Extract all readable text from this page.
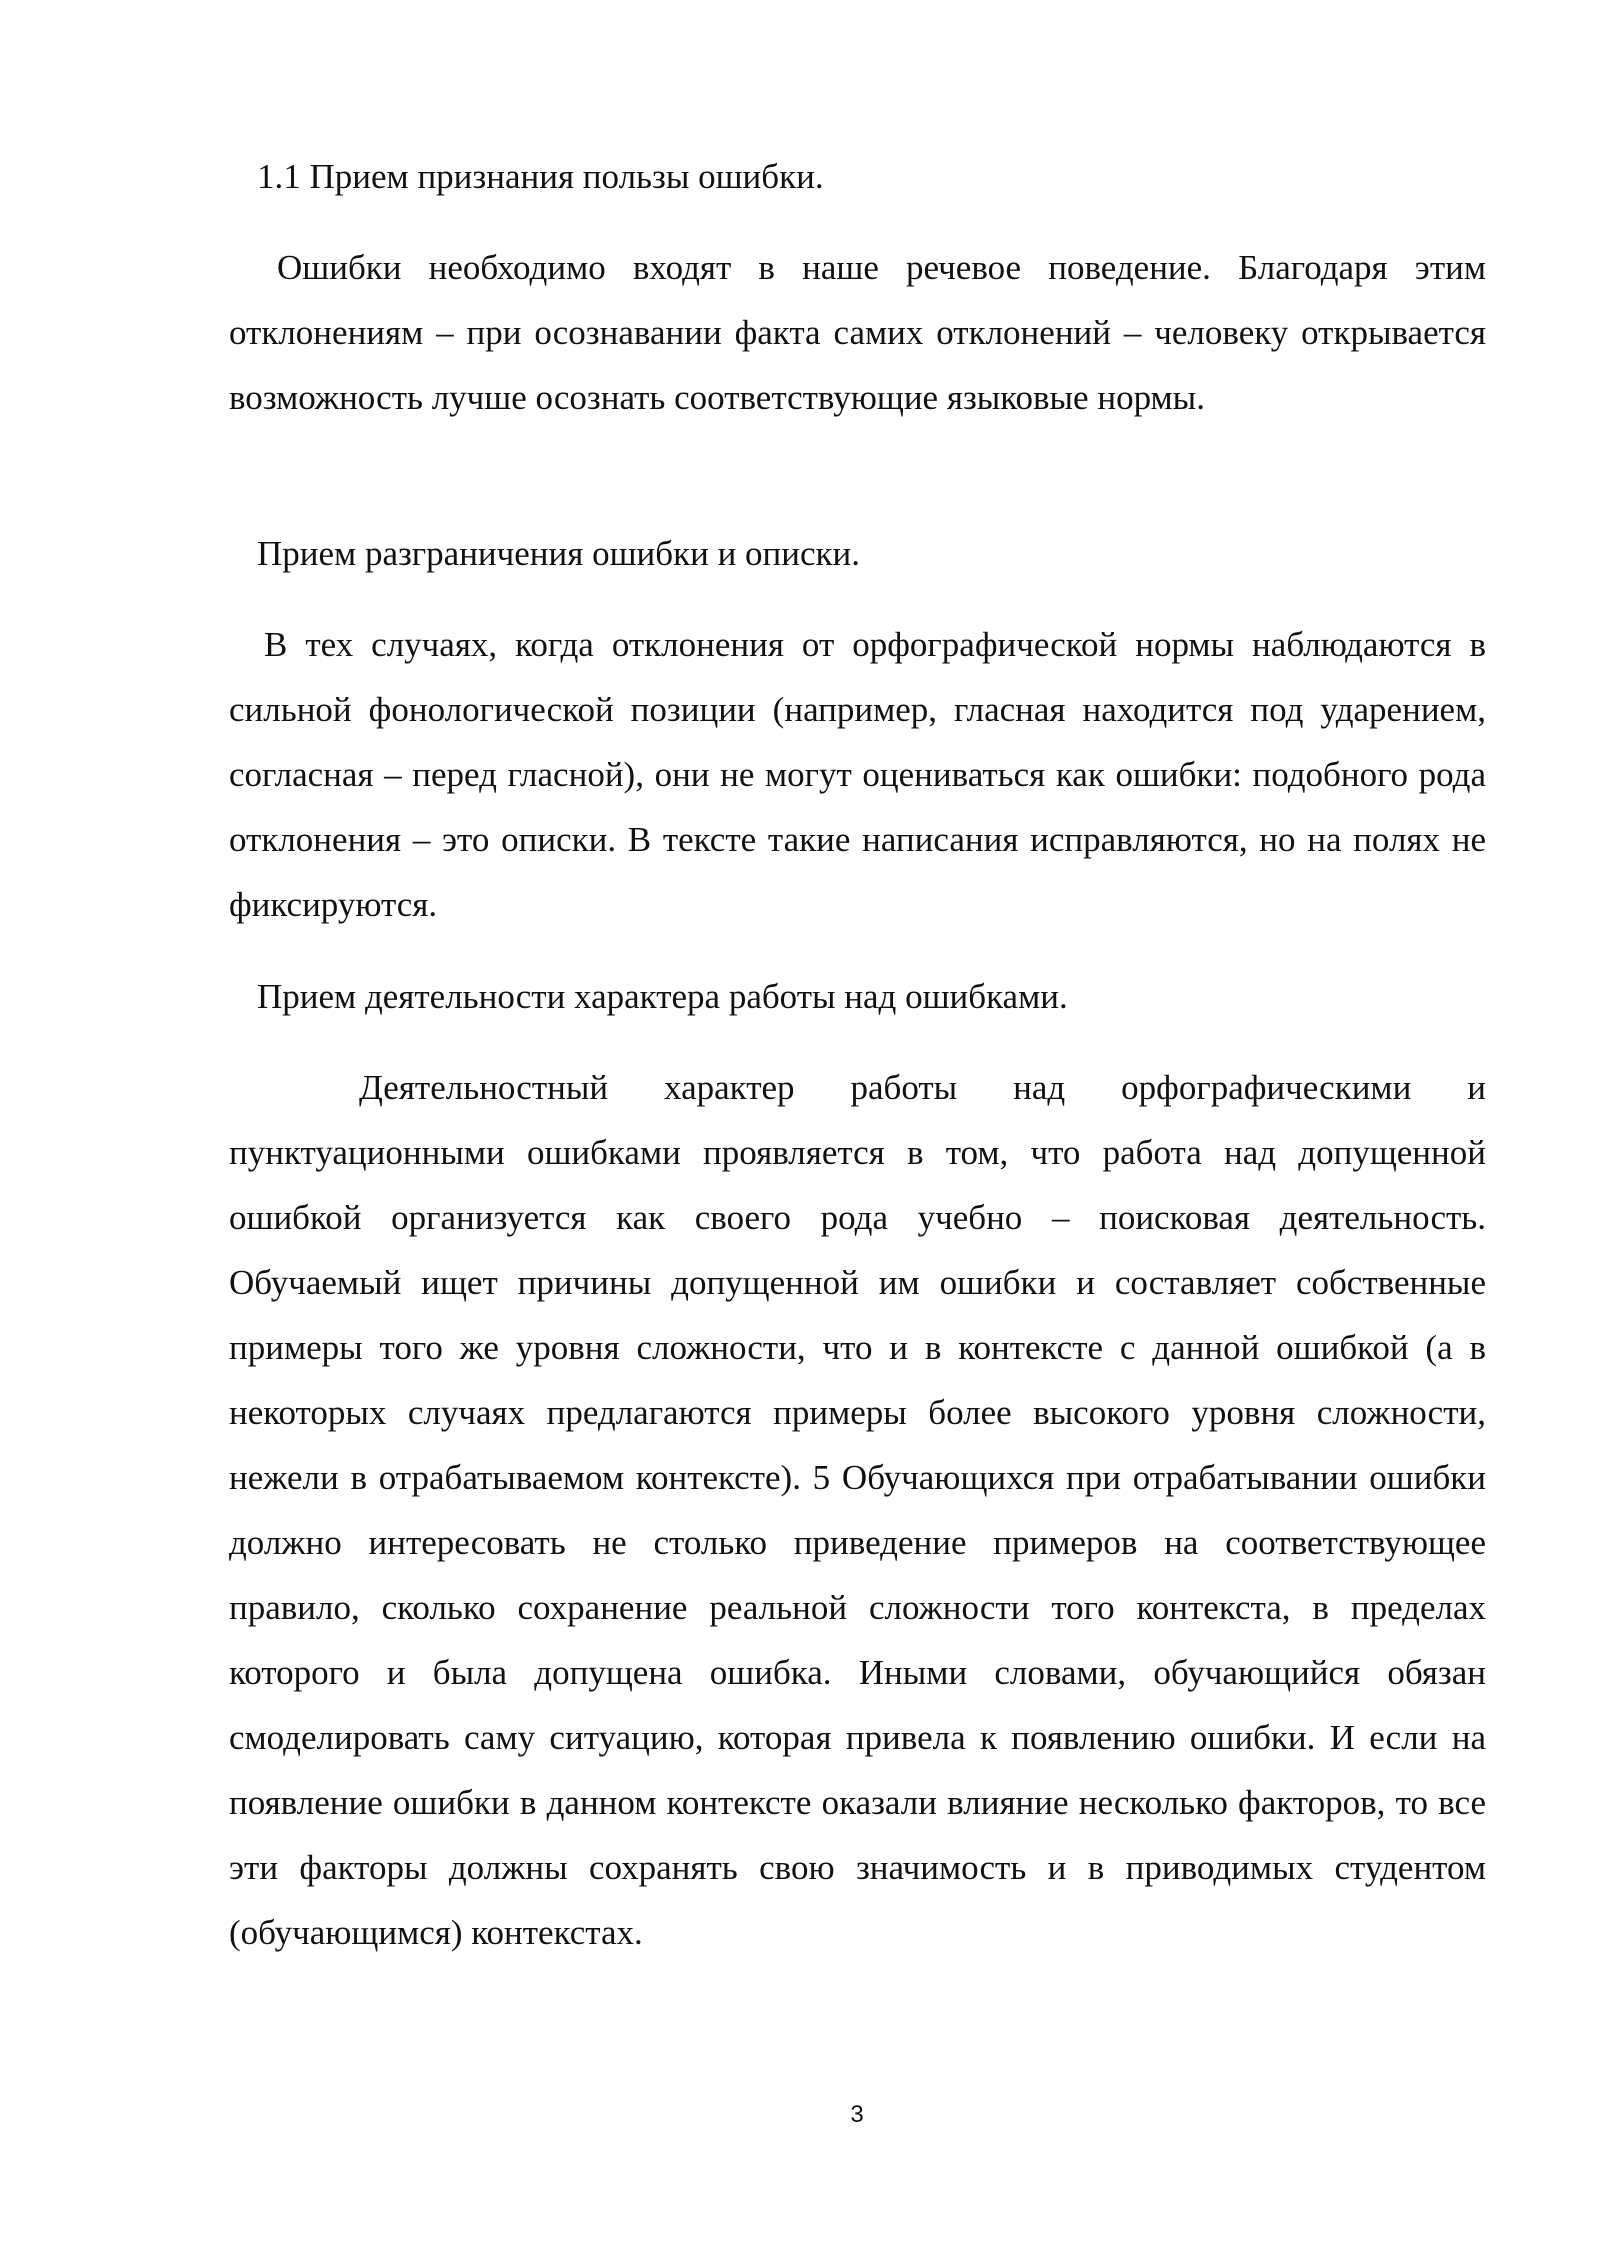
1.1 Прием признания пользы ошибки.

Ошибки необходимо входят в наше речевое поведение. Благодаря этим отклонениям – при осознавании факта самих отклонений – человеку открывается возможность лучше осознать соответствующие языковые нормы.

Прием разграничения ошибки и описки.

В тех случаях, когда отклонения от орфографической нормы наблюдаются в сильной фонологической позиции (например, гласная находится под ударением, согласная – перед гласной), они не могут оцениваться как ошибки: подобного рода отклонения – это описки. В тексте такие написания исправляются, но на полях не фиксируются.

Прием деятельности характера работы над ошибками.

Деятельностный характер работы над орфографическими и пунктуационными ошибками проявляется в том, что работа над допущенной ошибкой организуется как своего рода учебно – поисковая деятельность. Обучаемый ищет причины допущенной им ошибки и составляет собственные примеры того же уровня сложности, что и в контексте с данной ошибкой (а в некоторых случаях предлагаются примеры более высокого уровня сложности, нежели в отрабатываемом контексте). 5 Обучающихся при отрабатывании ошибки должно интересовать не столько приведение примеров на соответствующее правило, сколько сохранение реальной сложности того контекста, в пределах которого и была допущена ошибка. Иными словами, обучающийся обязан смоделировать саму ситуацию, которая привела к появлению ошибки. И если на появление ошибки в данном контексте оказали влияние несколько факторов, то все эти факторы должны сохранять свою значимость и в приводимых студентом (обучающимся) контекстах.

3
